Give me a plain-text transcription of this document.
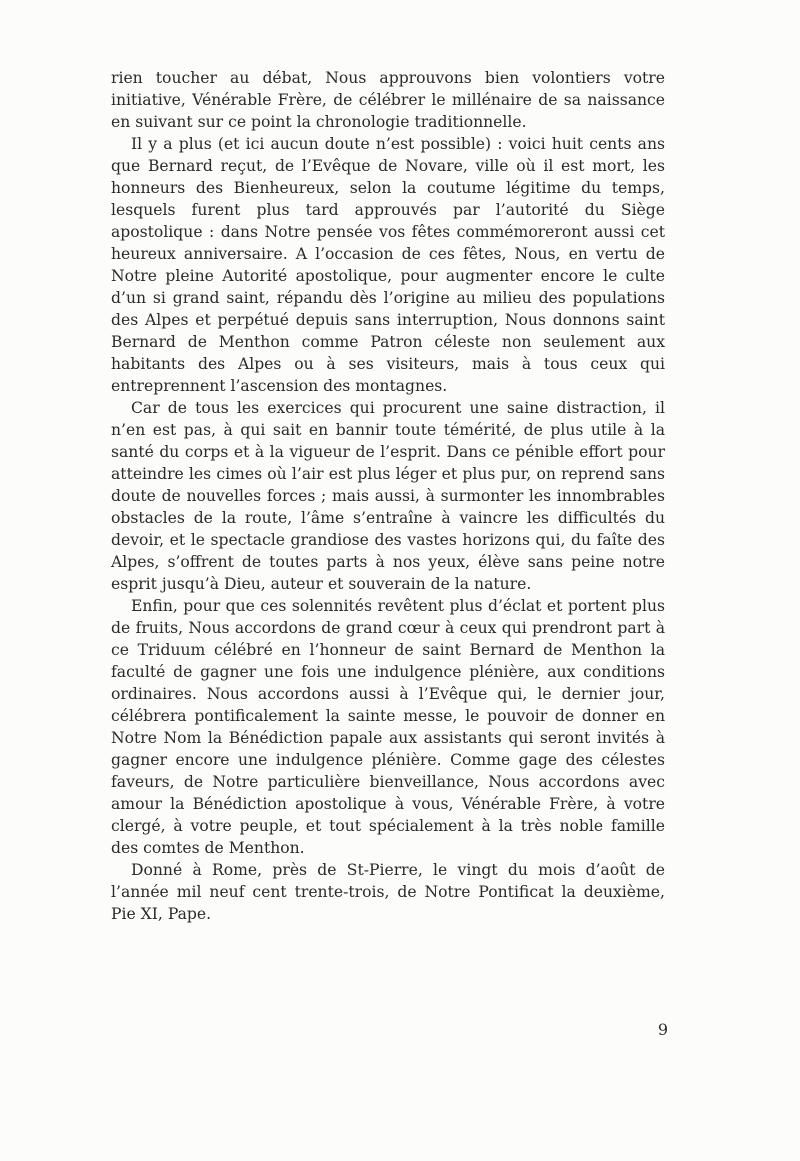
rien toucher au débat, Nous approuvons bien volontiers votre initiative, Vénérable Frère, de célébrer le millénaire de sa naissance en suivant sur ce point la chronologie traditionnelle.

Il y a plus (et ici aucun doute n’est possible) : voici huit cents ans que Bernard reçut, de l’Evêque de Novare, ville où il est mort, les honneurs des Bienheureux, selon la coutume légitime du temps, lesquels furent plus tard approuvés par l’autorité du Siège apostolique : dans Notre pensée vos fêtes commémoreront aussi cet heureux anniversaire. A l’occasion de ces fêtes, Nous, en vertu de Notre pleine Autorité apostolique, pour augmenter encore le culte d’un si grand saint, répandu dès l’origine au milieu des populations des Alpes et perpétué depuis sans interruption, Nous donnons saint Bernard de Menthon comme Patron céleste non seulement aux habitants des Alpes ou à ses visiteurs, mais à tous ceux qui entreprennent l’ascension des montagnes.

Car de tous les exercices qui procurent une saine distraction, il n’en est pas, à qui sait en bannir toute témérité, de plus utile à la santé du corps et à la vigueur de l’esprit. Dans ce pénible effort pour atteindre les cimes où l’air est plus léger et plus pur, on reprend sans doute de nouvelles forces ; mais aussi, à surmonter les innombrables obstacles de la route, l’âme s’entraîne à vaincre les difficultés du devoir, et le spectacle grandiose des vastes horizons qui, du faîte des Alpes, s’offrent de toutes parts à nos yeux, élève sans peine notre esprit jusqu’à Dieu, auteur et souverain de la nature.

Enfin, pour que ces solennités revêtent plus d’éclat et portent plus de fruits, Nous accordons de grand cœur à ceux qui prendront part à ce Triduum célébré en l’honneur de saint Bernard de Menthon la faculté de gagner une fois une indulgence plénière, aux conditions ordinaires. Nous accordons aussi à l’Evêque qui, le dernier jour, célébrera pontificalement la sainte messe, le pouvoir de donner en Notre Nom la Bénédiction papale aux assistants qui seront invités à gagner encore une indulgence plénière. Comme gage des célestes faveurs, de Notre particulière bienveillance, Nous accordons avec amour la Bénédiction apostolique à vous, Vénérable Frère, à votre clergé, à votre peuple, et tout spécialement à la très noble famille des comtes de Menthon.

Donné à Rome, près de St-Pierre, le vingt du mois d’août de l’année mil neuf cent trente-trois, de Notre Pontificat la deuxième, Pie XI, Pape.

9
